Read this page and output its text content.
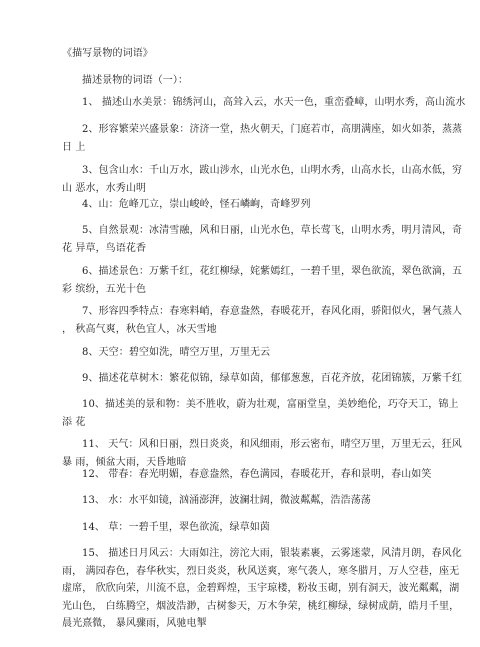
《描写景物的词语》
描述景物的词语（一）：
1、 描述山水美景：锦绣河山，高耸入云，水天一色，重峦叠嶂，山明水秀，高山流水
2、形容繁荣兴盛景象：济济一堂，热火朝天，门庭若市，高朋满座，如火如荼，蒸蒸
日 上
3、包含山水：千山万水，跋山涉水，山光水色，山明水秀，山高水长，山高水低，穷
山 恶水，水秀山明
4、山：危峰兀立，崇山峻岭，怪石嶙峋，奇峰罗列
5、自然景观：冰清雪融，风和日丽，山光水色，草长莺飞，山明水秀，明月清风，奇
花 异草，鸟语花香
6、描述景色：万紫千红，花红柳绿，姹紫嫣红，一碧千里，翠色欲流，翠色欲滴，五
彩 缤纷，五光十色
7、形容四季特点：春寒料峭，春意盎然，春暖花开，春风化雨，骄阳似火，暑气蒸人
， 秋高气爽，秋色宜人，冰天雪地
8、天空：碧空如洗，晴空万里，万里无云
9、描述花草树木：繁花似锦，绿草如茵，郁郁葱葱，百花齐放，花团锦簇，万紫千红
10、描述美的景和物：美不胜收，蔚为壮观，富丽堂皇，美妙绝伦，巧夺天工，锦上
添 花
11、 天气：风和日丽，烈日炎炎，和风细雨，形云密布，晴空万里，万里无云，狂风
暴 雨，倾盆大雨，天昏地暗
12、 带春：春光明媚，春意盎然，春色满园，春暖花开，春和景明，春山如笑
13、 水：水平如镜，汹涌澎湃，波澜壮阔，微波粼粼，浩浩荡荡
14、 草：一碧千里，翠色欲流，绿草如茵
15、 描述日月风云：大雨如注，滂沱大雨，银装素裹，云雾迷蒙，风清月朗，春风化
雨， 满园春色，春华秋实，烈日炎炎，秋风送爽，寒气袭人，寒冬腊月，万人空巷，座无
虚席， 欣欣向荣，川流不息，金碧辉煌，玉宇琼楼，粉妆玉砌，别有洞天，波光粼粼，湖
光山色， 白练腾空，烟波浩渺，古树参天，万木争荣，桃红柳绿，绿树成荫，皓月千里，
晨光熹微， 暴风骤雨，风驰电掣
